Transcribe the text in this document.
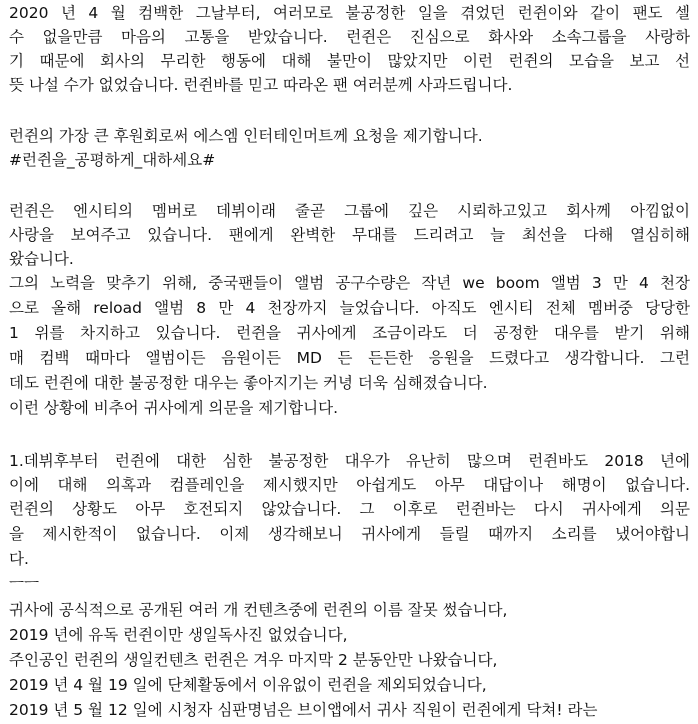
2020 년 4 월 컴백한 그날부터, 여러모로 불공정한 일을 겪었던 런쥔이와 같이 팬도 셀
수 없을만큼 마음의 고통을 받았습니다. 런쥔은 진심으로 화사와 소속그룹을 사랑하
기 때문에 회사의 무리한 행동에 대해 불만이 많았지만 이런 런쥔의 모습을 보고 선
뜻 나설 수가 없었습니다. 런쥔바를 믿고 따라온 팬 여러분께 사과드립니다.
런쥔의 가장 큰 후원회로써 에스엠 인터테인머트께 요청을 제기합니다.
#런쥔을_공평하게_대하세요#
런쥔은 엔시티의 멤버로 데뷔이래 줄곧 그룹에 깊은 시뢰하고있고 회사께 아낌없이
사랑을 보여주고 있습니다. 팬에게 완벽한 무대를 드리려고 늘 최선을 다해 열심히해
왔습니다.
그의 노력을 맞추기 위해, 중국팬들이 앨범 공구수량은 작년 we boom 앨범 3 만 4 천장
으로 올해 reload 앨범 8 만 4 천장까지 늘었습니다. 아직도 엔시티 전체 멤버중 당당한
1 위를 차지하고 있습니다. 런쥔을 귀사에게 조금이라도 더 공정한 대우를 받기 위해
매 컴백 때마다 앨범이든 음원이든 MD 든 든든한 응원을 드렸다고 생각합니다. 그런
데도 런쥔에 대한 불공정한 대우는 좋아지기는 커녕 더욱 심해졌습니다.
이런 상황에 비추어 귀사에게 의문을 제기합니다.
1.데뷔후부터 런쥔에 대한 심한 불공정한 대우가 유난히 많으며 런쥔바도 2018 년에
이에 대해 의혹과 컴플레인을 제시했지만 아쉽게도 아무 대답이나 해명이 없습니다.
런쥔의 상황도 아무 호전되지 않았습니다. 그 이후로 런쥔바는 다시 귀사에게 의문
을 제시한적이 없습니다. 이제 생각해보니 귀사에게 들릴 때까지 소리를 냈어야합니
다.
ㅡㅡ
귀사에 공식적으로 공개된 여러 개 컨텐츠중에 런쥔의 이름 잘못 썼습니다,
2019 년에 유독 런쥔이만 생일독사진 없었습니다,
주인공인 런쥔의 생일컨텐츠 런쥔은 겨우 마지막 2 분동안만 나왔습니다,
2019 년 4 월 19 일에 단체활동에서 이유없이 런쥔을 제외되었습니다,
2019 년 5 월 12 일에 시청자 심판명넘은 브이앱에서 귀사 직원이 런쥔에게 닥쳐! 라는
